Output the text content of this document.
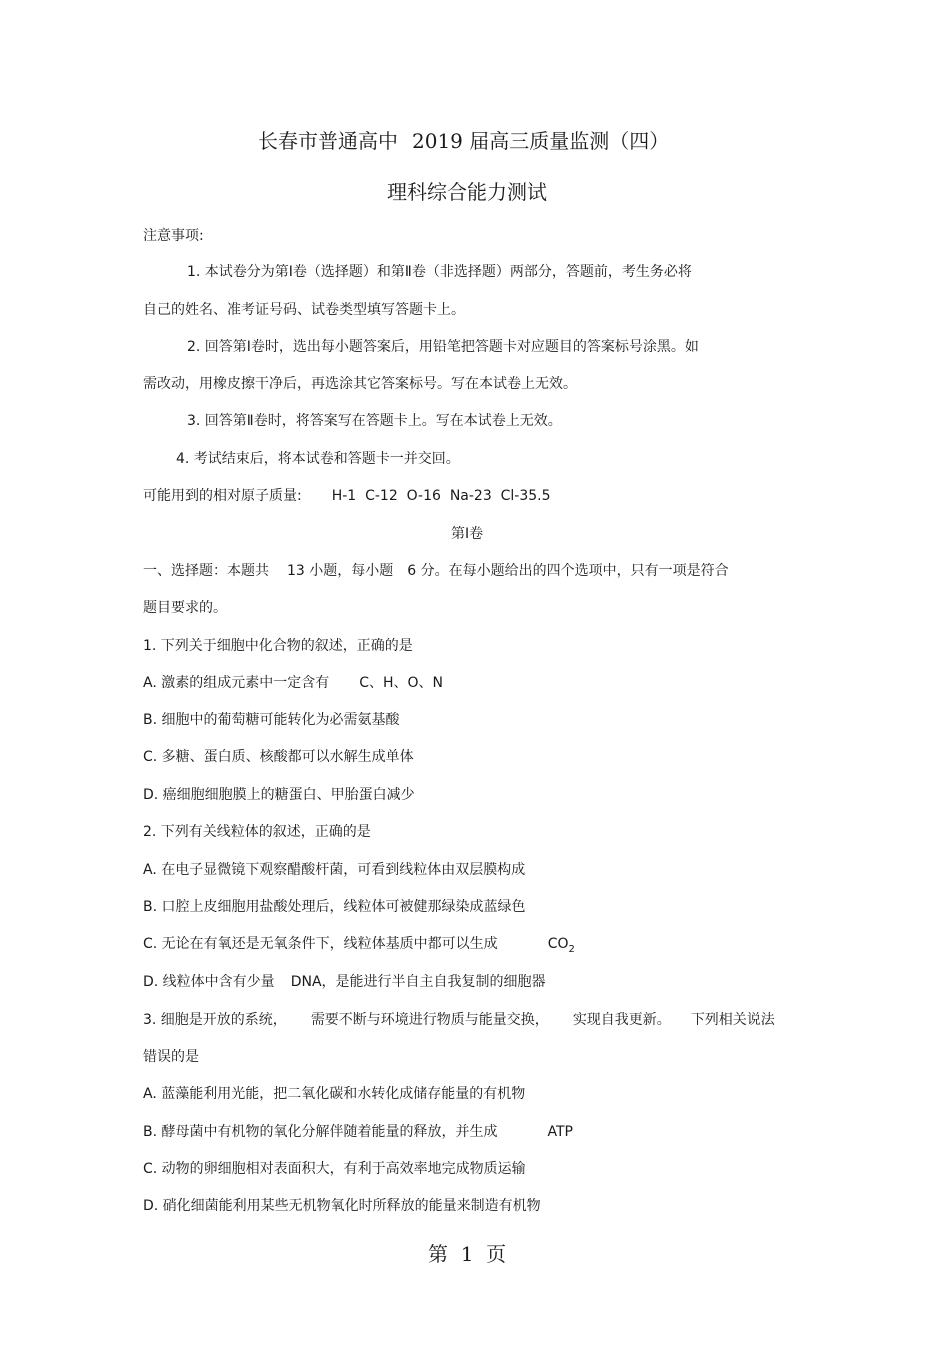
长春市普通高中 2019 届高三质量监测（四）
理科综合能力测试
注意事项:
1. 本试卷分为第Ⅰ卷（选择题）和第Ⅱ卷（非选择题）两部分，答题前，考生务必将
自己的姓名、准考证号码、试卷类型填写答题卡上。
2. 回答第Ⅰ卷时，选出每小题答案后，用铅笔把答题卡对应题目的答案标号涂黑。如
需改动，用橡皮擦干净后，再选涂其它答案标号。写在本试卷上无效。
3. 回答第Ⅱ卷时，将答案写在答题卡上。写在本试卷上无效。
4. 考试结束后，将本试卷和答题卡一并交回。
可能用到的相对原子质量: H-1  C-12  O-16  Na-23  Cl-35.5
第Ⅰ卷
一、选择题：本题共 13 小题，每小题 6 分。在每小题给出的四个选项中，只有一项是符合
题目要求的。
1. 下列关于细胞中化合物的叙述，正确的是
A. 激素的组成元素中一定含有 C、H、O、N
B. 细胞中的葡萄糖可能转化为必需氨基酸
C. 多糖、蛋白质、核酸都可以水解生成单体
D. 癌细胞细胞膜上的糖蛋白、甲胎蛋白减少
2. 下列有关线粒体的叙述，正确的是
A. 在电子显微镜下观察醋酸杆菌，可看到线粒体由双层膜构成
B. 口腔上皮细胞用盐酸处理后，线粒体可被健那绿染成蓝绿色
C. 无论在有氧还是无氧条件下，线粒体基质中都可以生成	$CO_2$
D. 线粒体中含有少量 DNA，是能进行半自主自我复制的细胞器
3. 细胞是开放的系统， 需要不断与环境进行物质与能量交换， 实现自我更新。 下列相关说法
错误的是
A. 蓝藻能利用光能，把二氧化碳和水转化成储存能量的有机物
B. 酵母菌中有机物的氧化分解伴随着能量的释放，并生成	ATP
C. 动物的卵细胞相对表面积大，有利于高效率地完成物质运输
D. 硝化细菌能利用某些无机物氧化时所释放的能量来制造有机物
第  1  页
